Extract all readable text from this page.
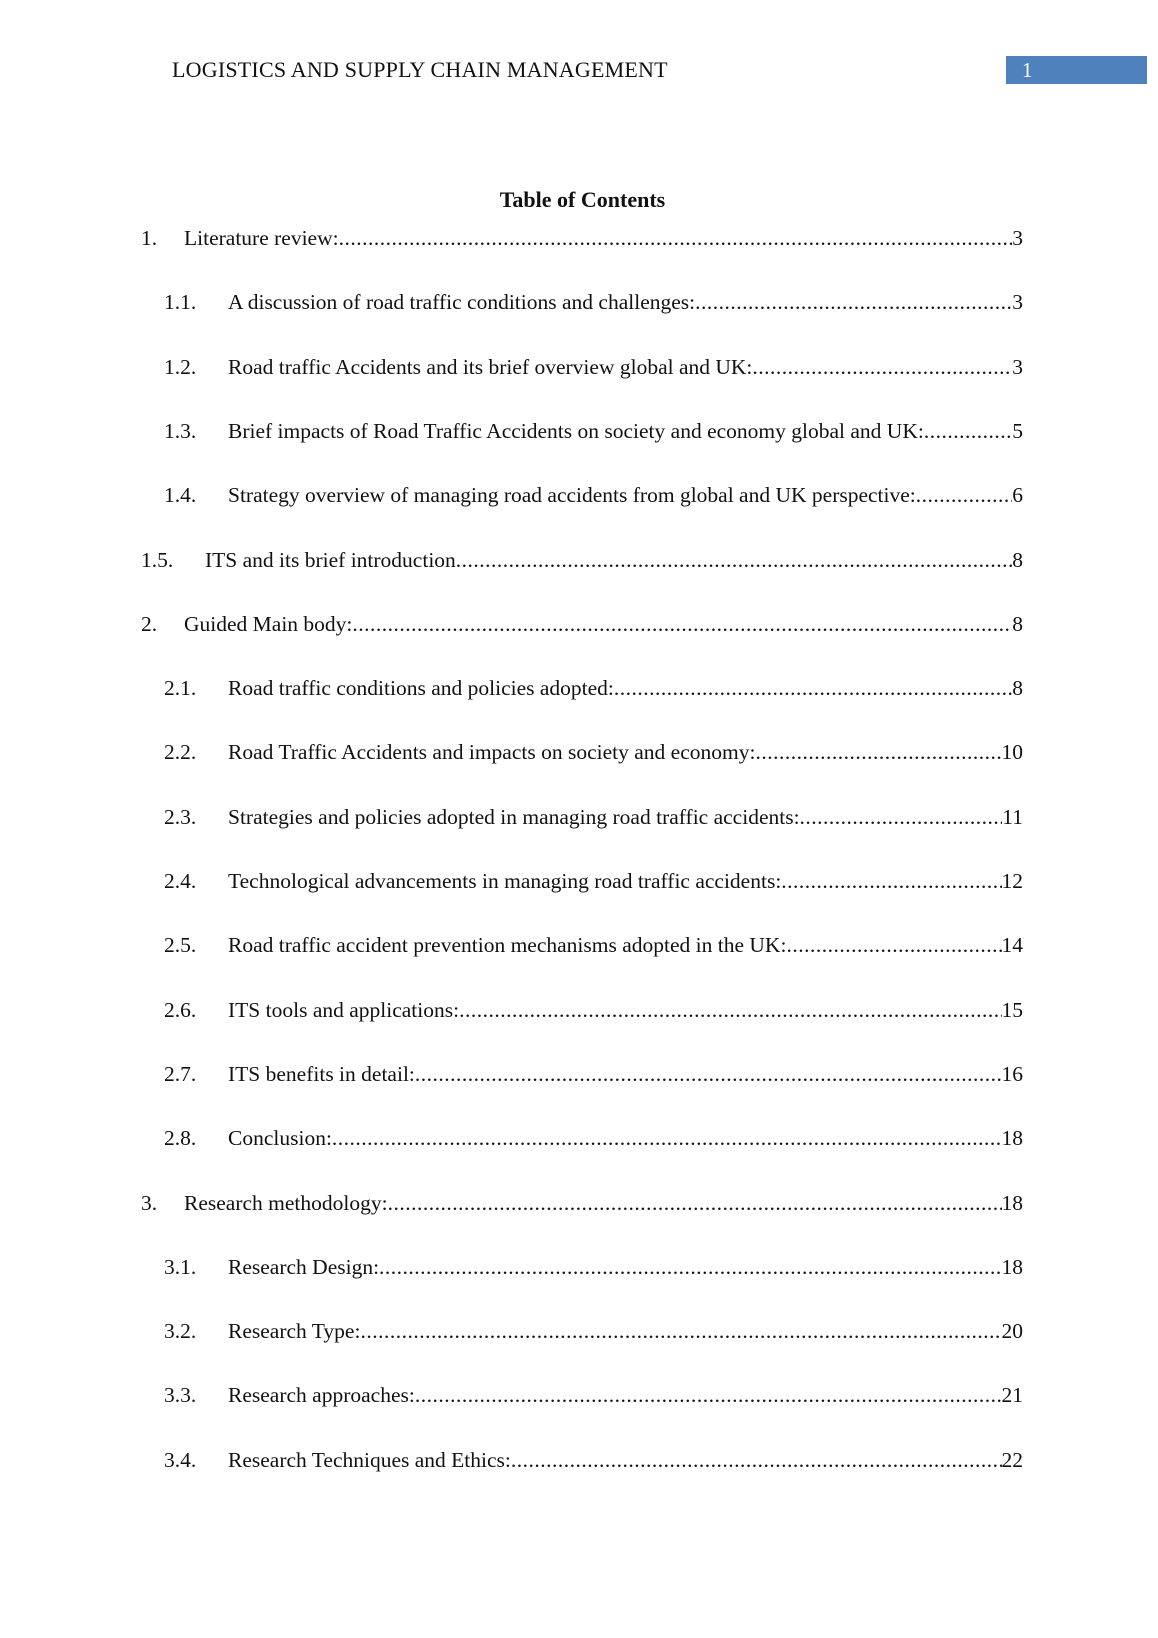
LOGISTICS AND SUPPLY CHAIN MANAGEMENT	1
Table of Contents
1.	Literature review: .....	3
1.1.	A discussion of road traffic conditions and challenges: .....	3
1.2.	Road traffic Accidents and its brief overview global and UK: .....	3
1.3.	Brief impacts of Road Traffic Accidents on society and economy global and UK: .....	5
1.4.	Strategy overview of managing road accidents from global and UK perspective: .....	6
1.5.	ITS and its brief introduction .....	8
2.	Guided Main body: .....	8
2.1.	Road traffic conditions and policies adopted: .....	8
2.2.	Road Traffic Accidents and impacts on society and economy: .....	10
2.3.	Strategies and policies adopted in managing road traffic accidents: .....	11
2.4.	Technological advancements in managing road traffic accidents: .....	12
2.5.	Road traffic accident prevention mechanisms adopted in the UK: .....	14
2.6.	ITS tools and applications: .....	15
2.7.	ITS benefits in detail: .....	16
2.8.	Conclusion: .....	18
3.	Research methodology: .....	18
3.1.	Research Design: .....	18
3.2.	Research Type: .....	20
3.3.	Research approaches: .....	21
3.4.	Research Techniques and Ethics: .....	22
